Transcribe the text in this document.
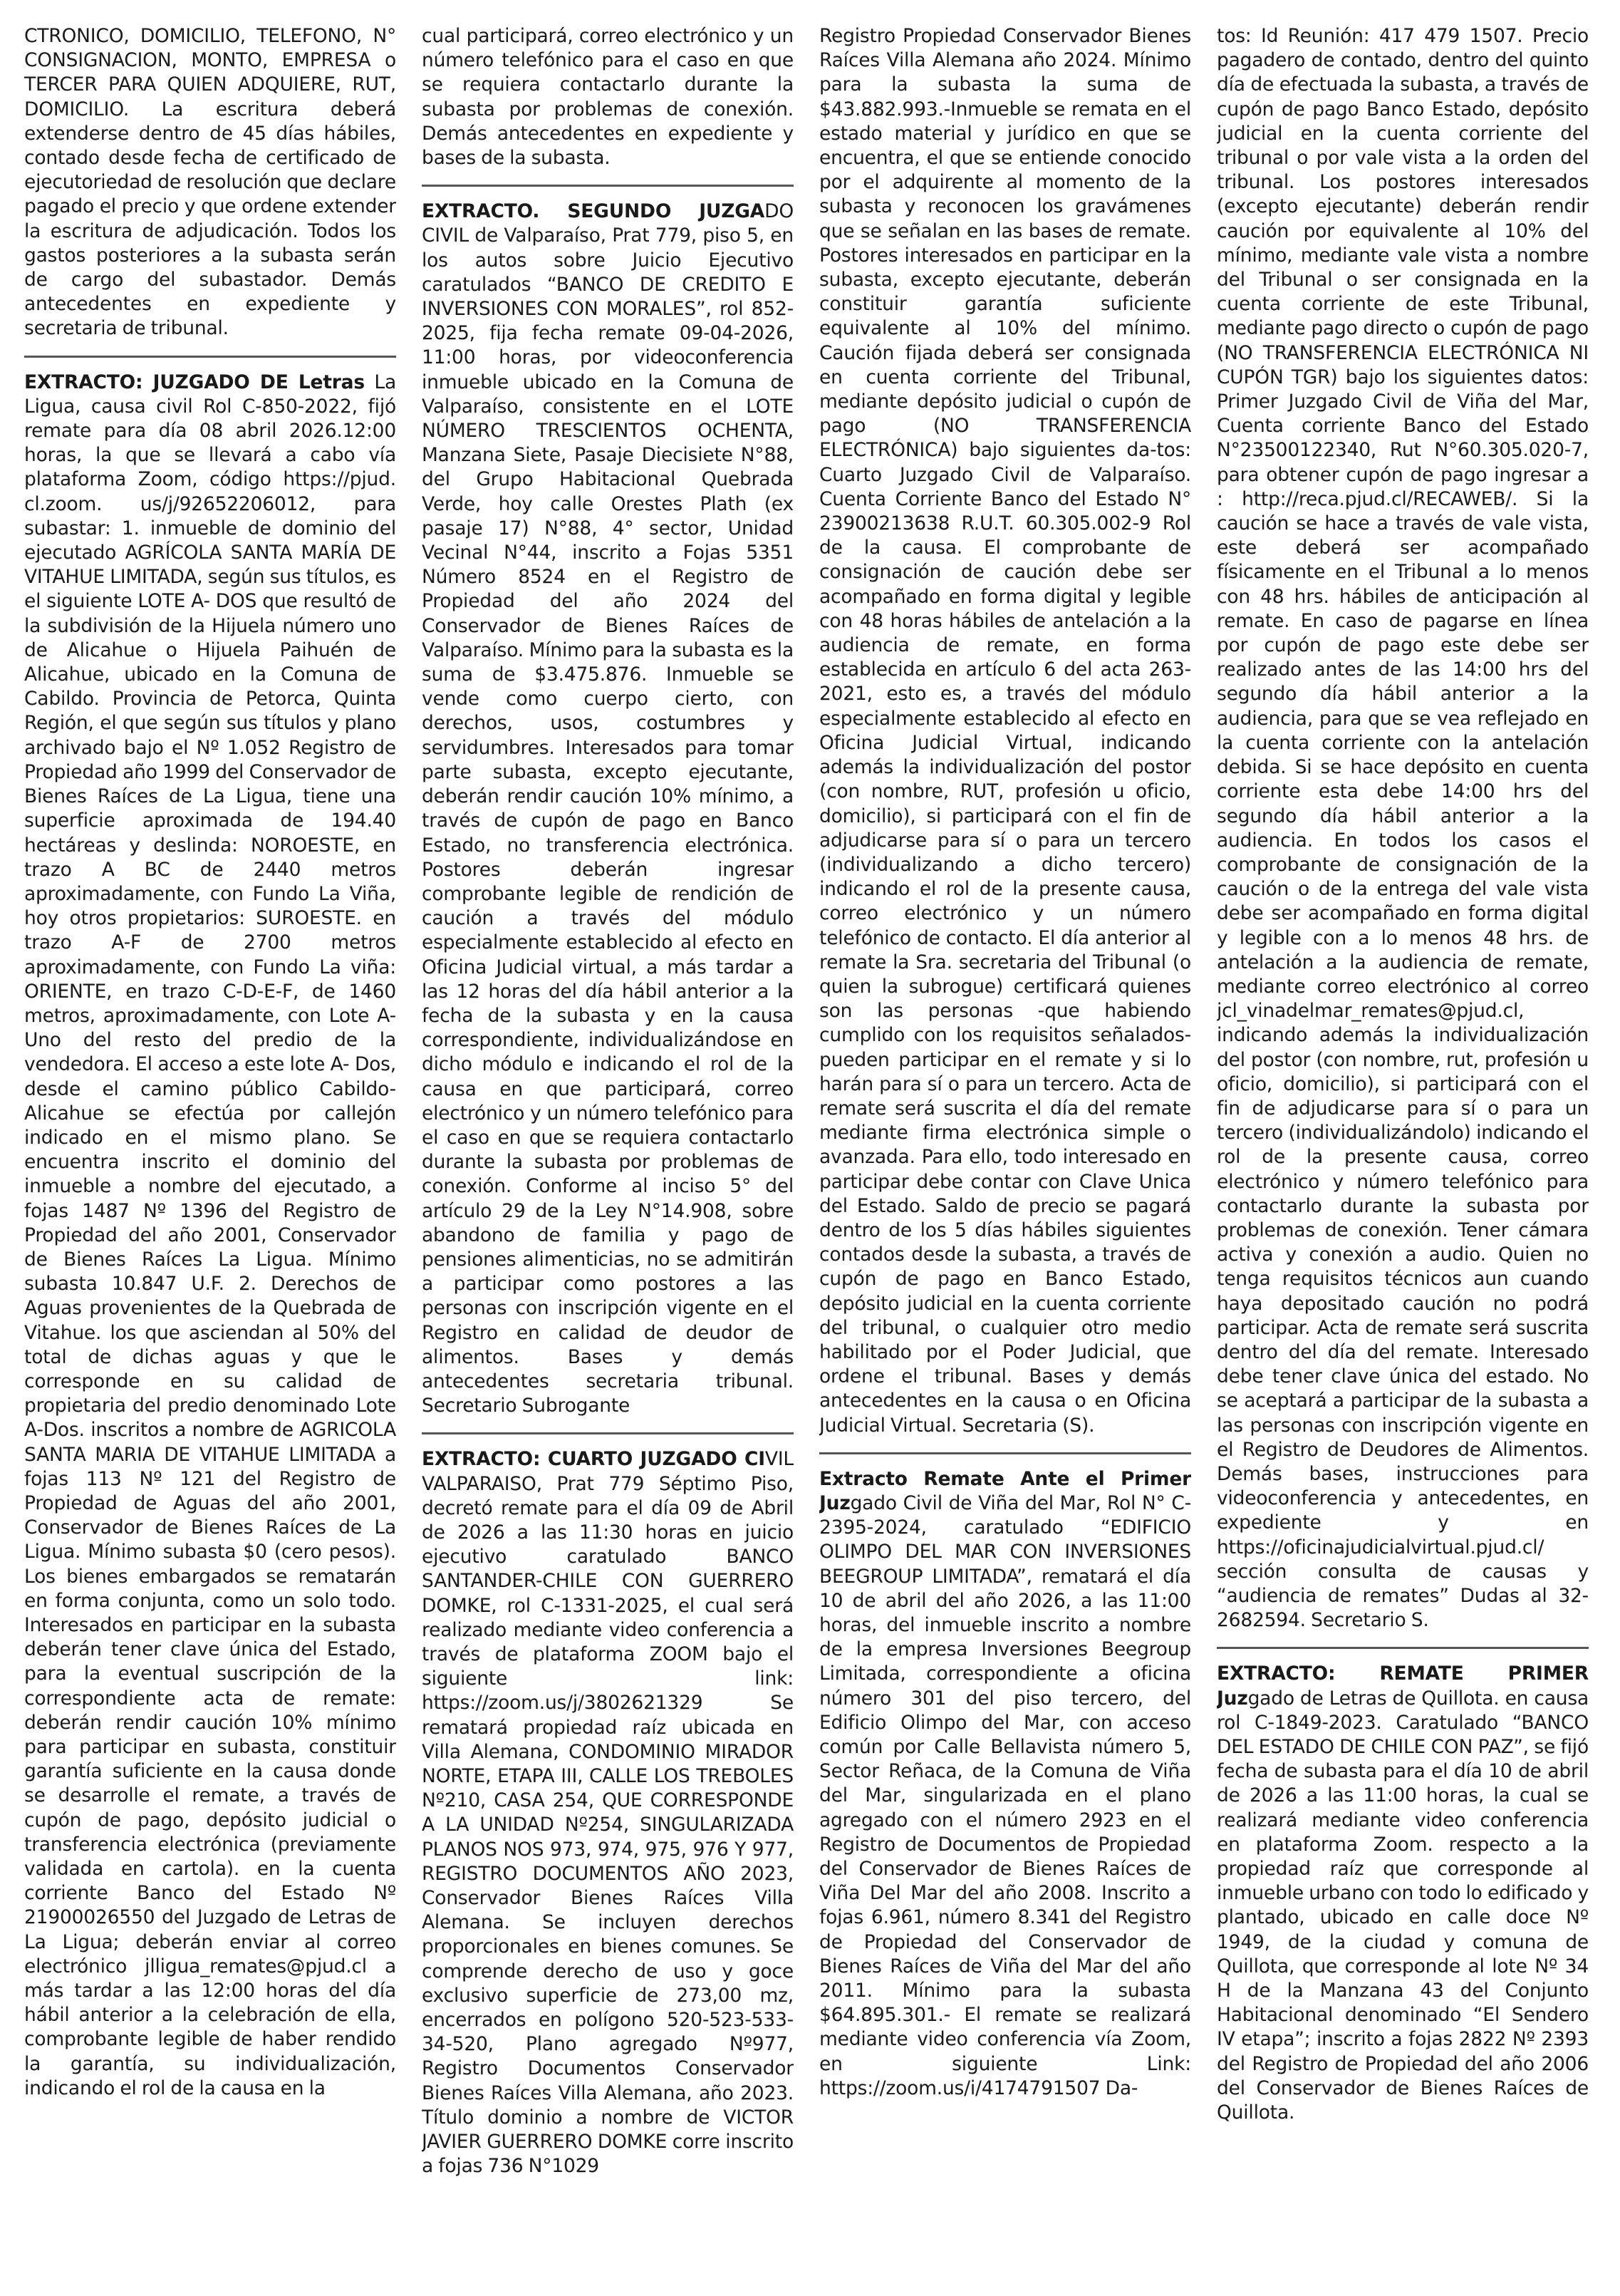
CTRONICO, DOMICILIO, TELEFONO, N° CONSIGNACION, MONTO, EMPRESA o TERCER PARA QUIEN ADQUIERE, RUT, DOMICILIO. La escritura deberá extenderse dentro de 45 días hábiles, contado desde fecha de certificado de ejecutoriedad de resolución que declare pagado el precio y que ordene extender la escritura de adjudicación. Todos los gastos posteriores a la subasta serán de cargo del subastador. Demás antecedentes en expediente y secretaria de tribunal.

EXTRACTO: JUZGADO DE Letras La Ligua, causa civil Rol C-850-2022, fijó remate para día 08 abril 2026.12:00 horas, la que se llevará a cabo vía plataforma Zoom, código https://pjud. cl.zoom. us/j/92652206012, para subastar: 1. inmueble de dominio del ejecutado AGRÍCOLA SANTA MARÍA DE VITAHUE LIMITADA, según sus títulos, es el siguiente LOTE A- DOS que resultó de la subdivisión de la Hijuela número uno de Alicahue o Hijuela Paihuén de Alicahue, ubicado en la Comuna de Cabildo. Provincia de Petorca, Quinta Región, el que según sus títulos y plano archivado bajo el Nº 1.052 Registro de Propiedad año 1999 del Conservador de Bienes Raíces de La Ligua, tiene una superficie aproximada de 194.40 hectáreas y deslinda: NOROESTE, en trazo A BC de 2440 metros aproximadamente, con Fundo La Viña, hoy otros propietarios: SUROESTE. en trazo A-F de 2700 metros aproximadamente, con Fundo La viña: ORIENTE, en trazo C-D-E-F, de 1460 metros, aproximadamente, con Lote A-Uno del resto del predio de la vendedora. El acceso a este lote A- Dos, desde el camino público Cabildo-Alicahue se efectúa por callejón indicado en el mismo plano. Se encuentra inscrito el dominio del inmueble a nombre del ejecutado, a fojas 1487 Nº 1396 del Registro de Propiedad del año 2001, Conservador de Bienes Raíces La Ligua. Mínimo subasta 10.847 U.F. 2. Derechos de Aguas provenientes de la Quebrada de Vitahue. los que asciendan al 50% del total de dichas aguas y que le corresponde en su calidad de propietaria del predio denominado Lote A-Dos. inscritos a nombre de AGRICOLA SANTA MARIA DE VITAHUE LIMITADA a fojas 113 Nº 121 del Registro de Propiedad de Aguas del año 2001, Conservador de Bienes Raíces de La Ligua. Mínimo subasta $0 (cero pesos). Los bienes embargados se rematarán en forma conjunta, como un solo todo. Interesados en participar en la subasta deberán tener clave única del Estado, para la eventual suscripción de la correspondiente acta de remate: deberán rendir caución 10% mínimo para participar en subasta, constituir garantía suficiente en la causa donde se desarrolle el remate, a través de cupón de pago, depósito judicial o transferencia electrónica (previamente validada en cartola). en la cuenta corriente Banco del Estado Nº 21900026550 del Juzgado de Letras de La Ligua; deberán enviar al correo electrónico jlligua_remates@pjud.cl a más tardar a las 12:00 horas del día hábil anterior a la celebración de ella, comprobante legible de haber rendido la garantía, su individualización, indicando el rol de la causa en la

cual participará, correo electrónico y un número telefónico para el caso en que se requiera contactarlo durante la subasta por problemas de conexión. Demás antecedentes en expediente y bases de la subasta.

EXTRACTO. SEGUNDO JUZGADO CIVIL de Valparaíso, Prat 779, piso 5, en los autos sobre Juicio Ejecutivo caratulados “BANCO DE CREDITO E INVERSIONES CON MORALES”, rol 852- 2025, fija fecha remate 09-04-2026, 11:00 horas, por videoconferencia inmueble ubicado en la Comuna de Valparaíso, consistente en el LOTE NÚMERO TRESCIENTOS OCHENTA, Manzana Siete, Pasaje Diecisiete N°88, del Grupo Habitacional Quebrada Verde, hoy calle Orestes Plath (ex pasaje 17) N°88, 4° sector, Unidad Vecinal N°44, inscrito a Fojas 5351 Número 8524 en el Registro de Propiedad del año 2024 del Conservador de Bienes Raíces de Valparaíso. Mínimo para la subasta es la suma de $3.475.876. Inmueble se vende como cuerpo cierto, con derechos, usos, costumbres y servidumbres. Interesados para tomar parte subasta, excepto ejecutante, deberán rendir caución 10% mínimo, a través de cupón de pago en Banco Estado, no transferencia electrónica. Postores deberán ingresar comprobante legible de rendición de caución a través del módulo especialmente establecido al efecto en Oficina Judicial virtual, a más tardar a las 12 horas del día hábil anterior a la fecha de la subasta y en la causa correspondiente, individualizándose en dicho módulo e indicando el rol de la causa en que participará, correo electrónico y un número telefónico para el caso en que se requiera contactarlo durante la subasta por problemas de conexión. Conforme al inciso 5° del artículo 29 de la Ley N°14.908, sobre abandono de familia y pago de pensiones alimenticias, no se admitirán a participar como postores a las personas con inscripción vigente en el Registro en calidad de deudor de alimentos. Bases y demás antecedentes secretaria tribunal. Secretario Subrogante

EXTRACTO: CUARTO JUZGADO CIVIL VALPARAISO, Prat 779 Séptimo Piso, decretó remate para el día 09 de Abril de 2026 a las 11:30 horas en juicio ejecutivo caratulado BANCO SANTANDER-CHILE CON GUERRERO DOMKE, rol C-1331-2025, el cual será realizado mediante video conferencia a través de plataforma ZOOM bajo el siguiente link: https://zoom.us/j/3802621329 Se rematará propiedad raíz ubicada en Villa Alemana, CONDOMINIO MIRADOR NORTE, ETAPA III, CALLE LOS TREBOLES Nº210, CASA 254, QUE CORRESPONDE A LA UNIDAD Nº254, SINGULARIZADA PLANOS NOS 973, 974, 975, 976 Y 977, REGISTRO DOCUMENTOS AÑO 2023, Conservador Bienes Raíces Villa Alemana. Se incluyen derechos proporcionales en bienes comunes. Se comprende derecho de uso y goce exclusivo superficie de 273,00 mz, encerrados en polígono 520-523-533-34-520, Plano agregado Nº977, Registro Documentos Conservador Bienes Raíces Villa Alemana, año 2023. Título dominio a nombre de VICTOR JAVIER GUERRERO DOMKE corre inscrito a fojas 736 N°1029

Registro Propiedad Conservador Bienes Raíces Villa Alemana año 2024. Mínimo para la subasta la suma de $43.882.993.-Inmueble se remata en el estado material y jurídico en que se encuentra, el que se entiende conocido por el adquirente al momento de la subasta y reconocen los gravámenes que se señalan en las bases de remate. Postores interesados en participar en la subasta, excepto ejecutante, deberán constituir garantía suficiente equivalente al 10% del mínimo. Caución fijada deberá ser consignada en cuenta corriente del Tribunal, mediante depósito judicial o cupón de pago (NO TRANSFERENCIA ELECTRÓNICA) bajo siguientes da-tos: Cuarto Juzgado Civil de Valparaíso. Cuenta Corriente Banco del Estado N° 23900213638 R.U.T. 60.305.002-9 Rol de la causa. El comprobante de consignación de caución debe ser acompañado en forma digital y legible con 48 horas hábiles de antelación a la audiencia de remate, en forma establecida en artículo 6 del acta 263-2021, esto es, a través del módulo especialmente establecido al efecto en Oficina Judicial Virtual, indicando además la individualización del postor (con nombre, RUT, profesión u oficio, domicilio), si participará con el fin de adjudicarse para sí o para un tercero (individualizando a dicho tercero) indicando el rol de la presente causa, correo electrónico y un número telefónico de contacto. El día anterior al remate la Sra. secretaria del Tribunal (o quien la subrogue) certificará quienes son las personas -que habiendo cumplido con los requisitos señalados- pueden participar en el remate y si lo harán para sí o para un tercero. Acta de remate será suscrita el día del remate mediante firma electrónica simple o avanzada. Para ello, todo interesado en participar debe contar con Clave Unica del Estado. Saldo de precio se pagará dentro de los 5 días hábiles siguientes contados desde la subasta, a través de cupón de pago en Banco Estado, depósito judicial en la cuenta corriente del tribunal, o cualquier otro medio habilitado por el Poder Judicial, que ordene el tribunal. Bases y demás antecedentes en la causa o en Oficina Judicial Virtual. Secretaria (S).

Extracto Remate Ante el Primer Juzgado Civil de Viña del Mar, Rol N° C-2395-2024, caratulado “EDIFICIO OLIMPO DEL MAR CON INVERSIONES BEEGROUP LIMITADA”, rematará el día 10 de abril del año 2026, a las 11:00 horas, del inmueble inscrito a nombre de la empresa Inversiones Beegroup Limitada, correspondiente a oficina número 301 del piso tercero, del Edificio Olimpo del Mar, con acceso común por Calle Bellavista número 5, Sector Reñaca, de la Comuna de Viña del Mar, singularizada en el plano agregado con el número 2923 en el Registro de Documentos de Propiedad del Conservador de Bienes Raíces de Viña Del Mar del año 2008. Inscrito a fojas 6.961, número 8.341 del Registro de Propiedad del Conservador de Bienes Raíces de Viña del Mar del año 2011. Mínimo para la subasta $64.895.301.- El remate se realizará mediante video conferencia vía Zoom, en siguiente Link: https://zoom.us/i/4174791507 Da-

tos: Id Reunión: 417 479 1507. Precio pagadero de contado, dentro del quinto día de efectuada la subasta, a través de cupón de pago Banco Estado, depósito judicial en la cuenta corriente del tribunal o por vale vista a la orden del tribunal. Los postores interesados (excepto ejecutante) deberán rendir caución por equivalente al 10% del mínimo, mediante vale vista a nombre del Tribunal o ser consignada en la cuenta corriente de este Tribunal, mediante pago directo o cupón de pago (NO TRANSFERENCIA ELECTRÓNICA NI CUPÓN TGR) bajo los siguientes datos: Primer Juzgado Civil de Viña del Mar, Cuenta corriente Banco del Estado N°23500122340, Rut N°60.305.020-7, para obtener cupón de pago ingresar a : http://reca.pjud.cl/RECAWEB/. Si la caución se hace a través de vale vista, este deberá ser acompañado físicamente en el Tribunal a lo menos con 48 hrs. hábiles de anticipación al remate. En caso de pagarse en línea por cupón de pago este debe ser realizado antes de las 14:00 hrs del segundo día hábil anterior a la audiencia, para que se vea reflejado en la cuenta corriente con la antelación debida. Si se hace depósito en cuenta corriente esta debe 14:00 hrs del segundo día hábil anterior a la audiencia. En todos los casos el comprobante de consignación de la caución o de la entrega del vale vista debe ser acompañado en forma digital y legible con a lo menos 48 hrs. de antelación a la audiencia de remate, mediante correo electrónico al correo jcl_vinadelmar_remates@pjud.cl, indicando además la individualización del postor (con nombre, rut, profesión u oficio, domicilio), si participará con el fin de adjudicarse para sí o para un tercero (individualizándolo) indicando el rol de la presente causa, correo electrónico y número telefónico para contactarlo durante la subasta por problemas de conexión. Tener cámara activa y conexión a audio. Quien no tenga requisitos técnicos aun cuando haya depositado caución no podrá participar. Acta de remate será suscrita dentro del día del remate. Interesado debe tener clave única del estado. No se aceptará a participar de la subasta a las personas con inscripción vigente en el Registro de Deudores de Alimentos. Demás bases, instrucciones para videoconferencia y antecedentes, en expediente y en https://oficinajudicialvirtual.pjud.cl/ sección consulta de causas y “audiencia de remates” Dudas al 32-2682594. Secretario S.

EXTRACTO: REMATE PRIMER Juzgado de Letras de Quillota. en causa rol C-1849-2023. Caratulado “BANCO DEL ESTADO DE CHILE CON PAZ”, se fijó fecha de subasta para el día 10 de abril de 2026 a las 11:00 horas, la cual se realizará mediante video conferencia en plataforma Zoom. respecto a la propiedad raíz que corresponde al inmueble urbano con todo lo edificado y plantado, ubicado en calle doce Nº 1949, de la ciudad y comuna de Quillota, que corresponde al lote Nº 34 H de la Manzana 43 del Conjunto Habitacional denominado “El Sendero IV etapa”; inscrito a fojas 2822 Nº 2393 del Registro de Propiedad del año 2006 del Conservador de Bienes Raíces de Quillota.
